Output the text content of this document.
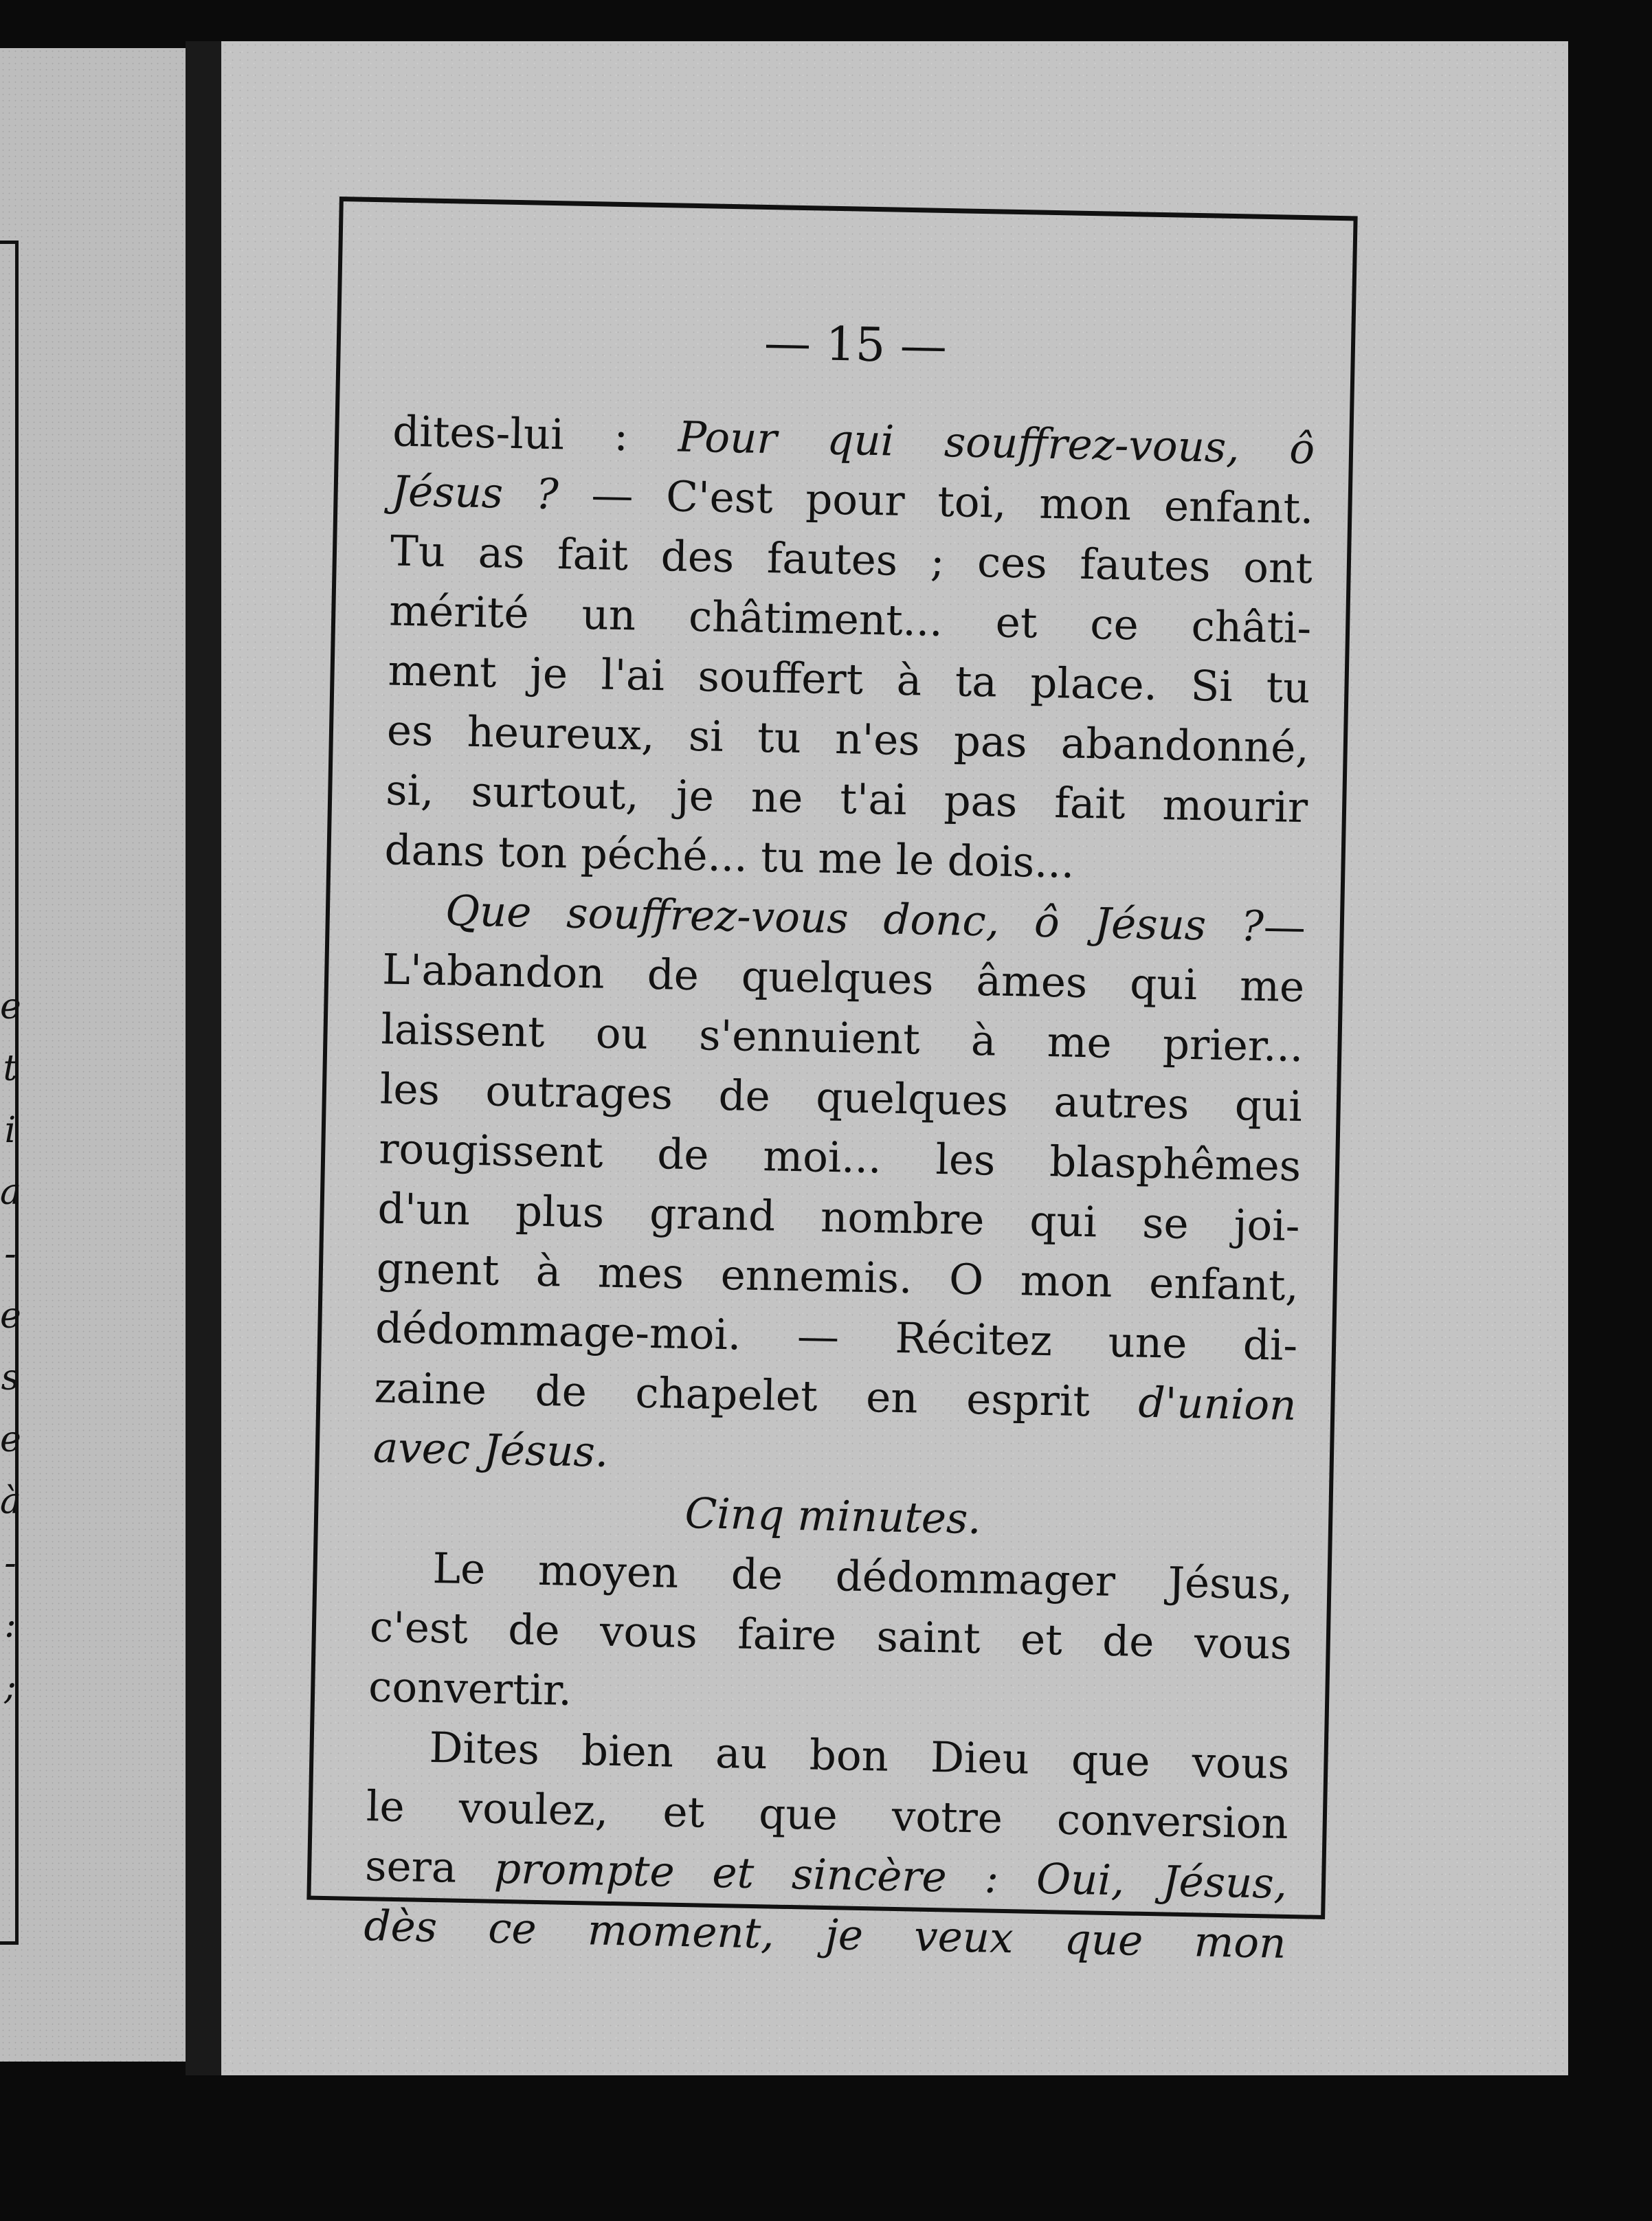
e
t
i
a
-
e
s
e
à
-
:
;
— 15 —
dites-lui : Pour qui souffrez-vous, ô
Jésus ? — C'est pour toi, mon enfant.
Tu as fait des fautes ; ces fautes ont
mérité un châtiment... et ce châti-
ment je l'ai souffert à ta place. Si tu
es heureux, si tu n'es pas abandonné,
si, surtout, je ne t'ai pas fait mourir
dans ton péché... tu me le dois...
Que souffrez-vous donc, ô Jésus ?—
L'abandon de quelques âmes qui me
laissent ou s'ennuient à me prier...
les outrages de quelques autres qui
rougissent de moi... les blasphêmes
d'un plus grand nombre qui se joi-
gnent à mes ennemis. O mon enfant,
dédommage-moi. — Récitez une di-
zaine de chapelet en esprit d'union
avec Jésus.
Cinq minutes.
Le moyen de dédommager Jésus,
c'est de vous faire saint et de vous
convertir.
Dites bien au bon Dieu que vous
le voulez, et que votre conversion
sera prompte et sincère : Oui, Jésus,
dès ce moment, je veux que mon
